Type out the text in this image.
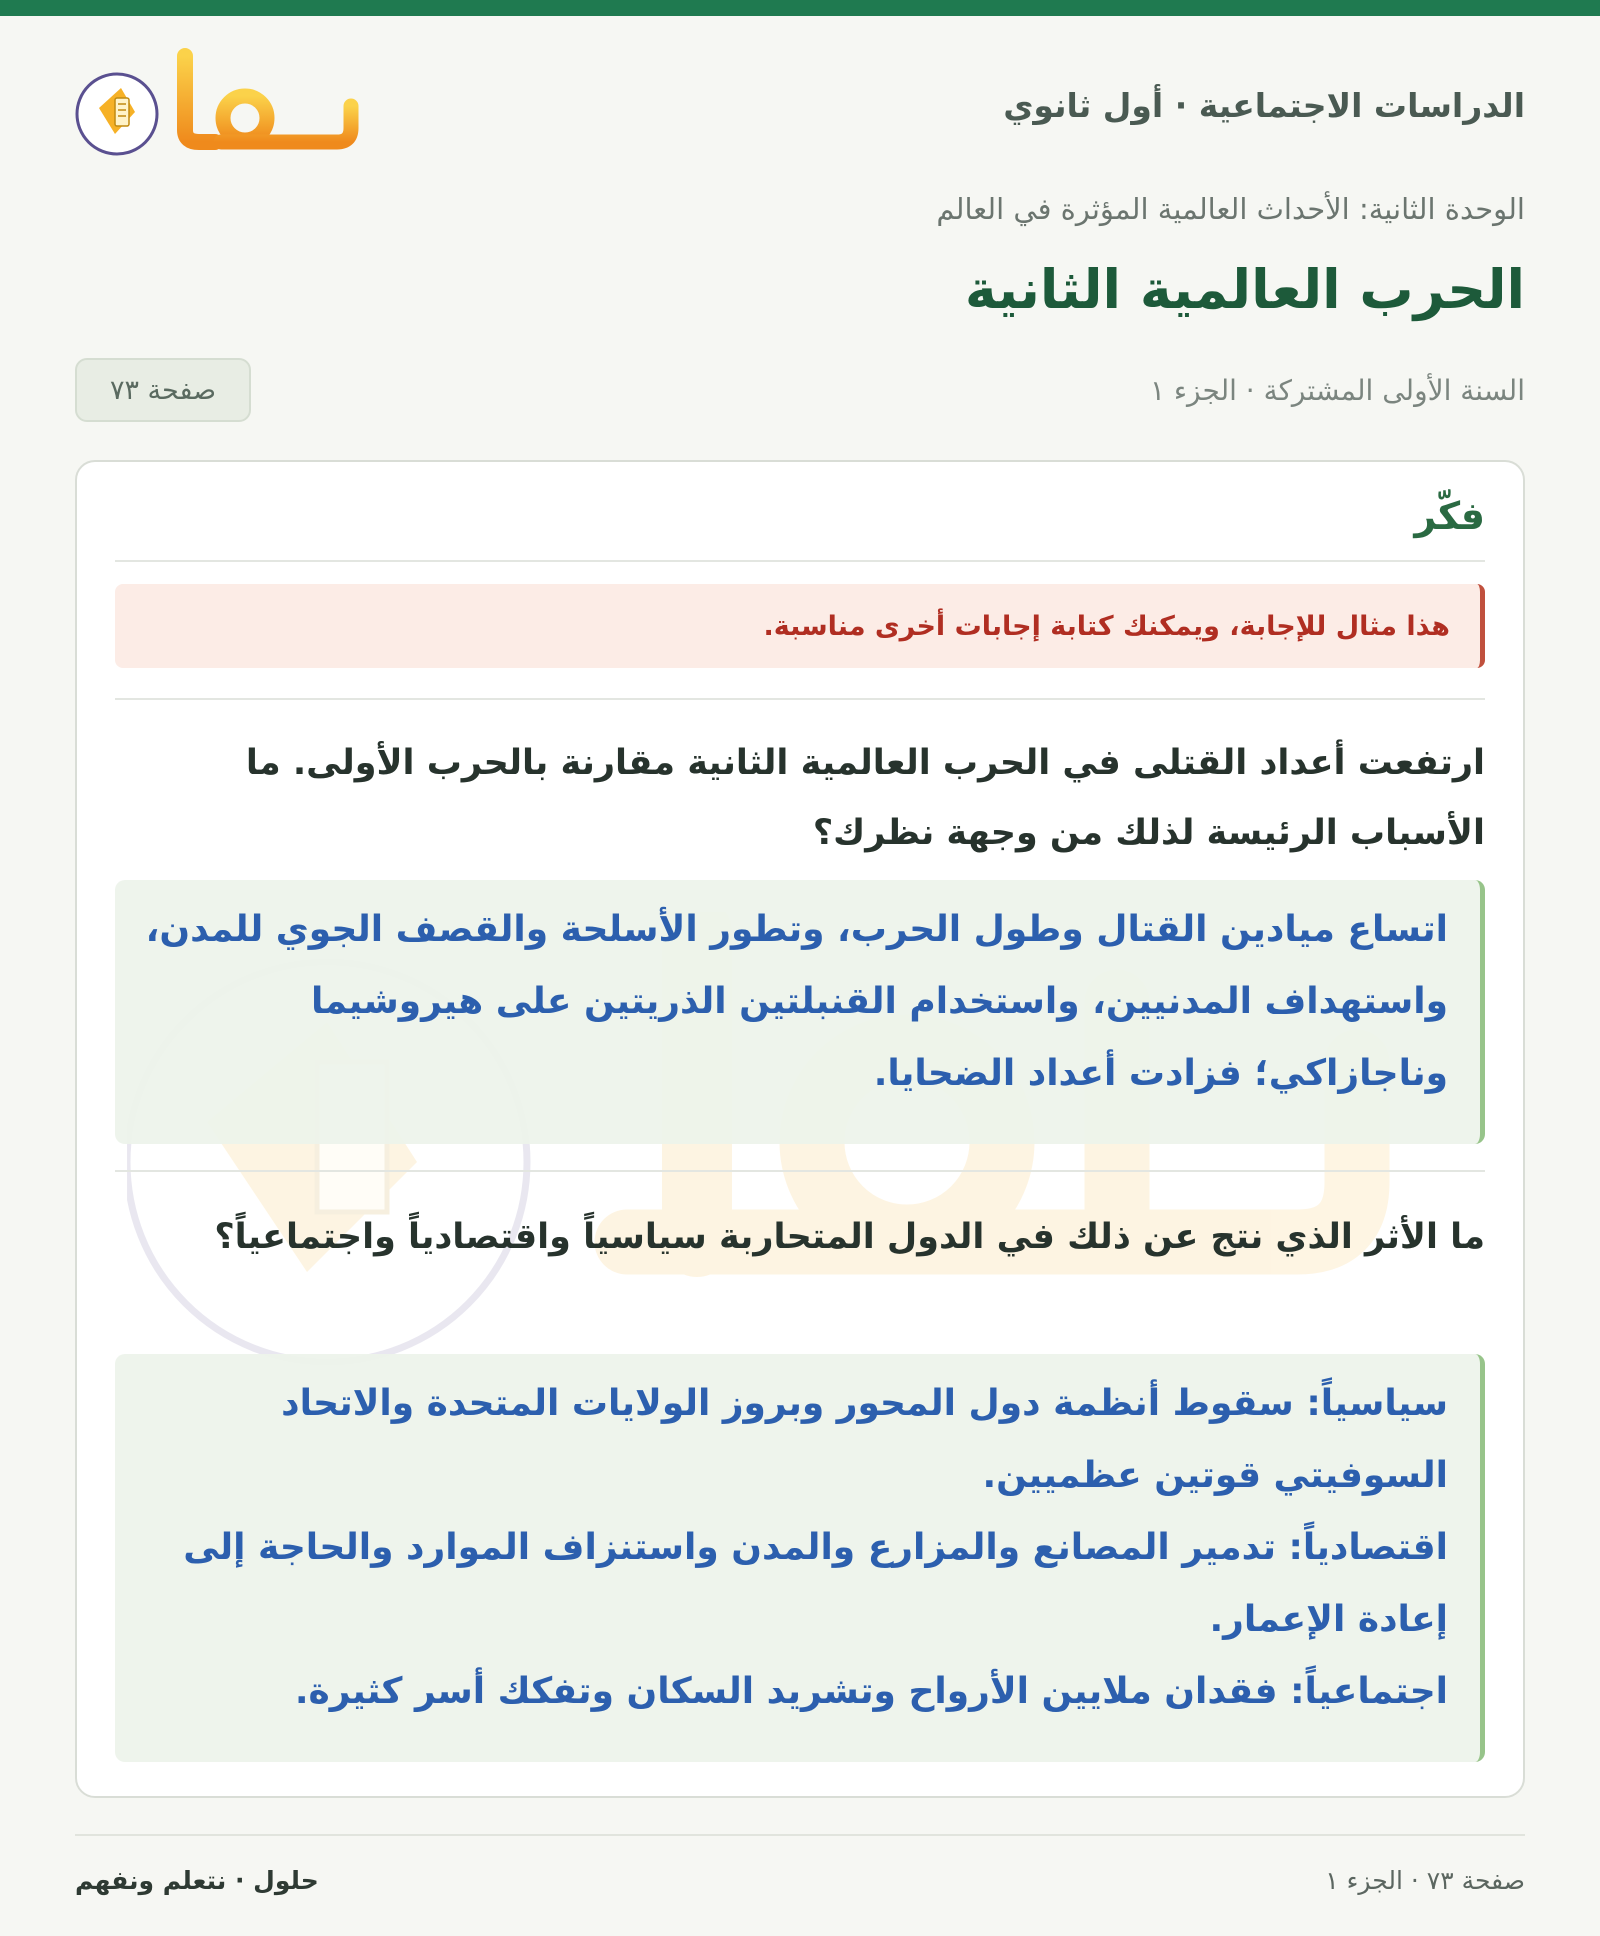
الدراسات الاجتماعية · أول ثانوي
الوحدة الثانية: الأحداث العالمية المؤثرة في العالم
الحرب العالمية الثانية
السنة الأولى المشتركة · الجزء ١
صفحة ٧٣
فكّر
هذا مثال للإجابة، ويمكنك كتابة إجابات أخرى مناسبة.

ارتفعت أعداد القتلى في الحرب العالمية الثانية مقارنة بالحرب الأولى. ما الأسباب الرئيسة لذلك من وجهة نظرك؟

اتساع ميادين القتال وطول الحرب، وتطور الأسلحة والقصف الجوي للمدن، واستهداف المدنيين، واستخدام القنبلتين الذريتين على هيروشيما وناجازاكي؛ فزادت أعداد الضحايا.

ما الأثر الذي نتج عن ذلك في الدول المتحاربة سياسياً واقتصادياً واجتماعياً؟

سياسياً: سقوط أنظمة دول المحور وبروز الولايات المتحدة والاتحاد السوفيتي قوتين عظميين.

اقتصادياً: تدمير المصانع والمزارع والمدن واستنزاف الموارد والحاجة إلى إعادة الإعمار.

اجتماعياً: فقدان ملايين الأرواح وتشريد السكان وتفكك أسر كثيرة.

صفحة ٧٣ · الجزء ١
حلول · نتعلم ونفهم
